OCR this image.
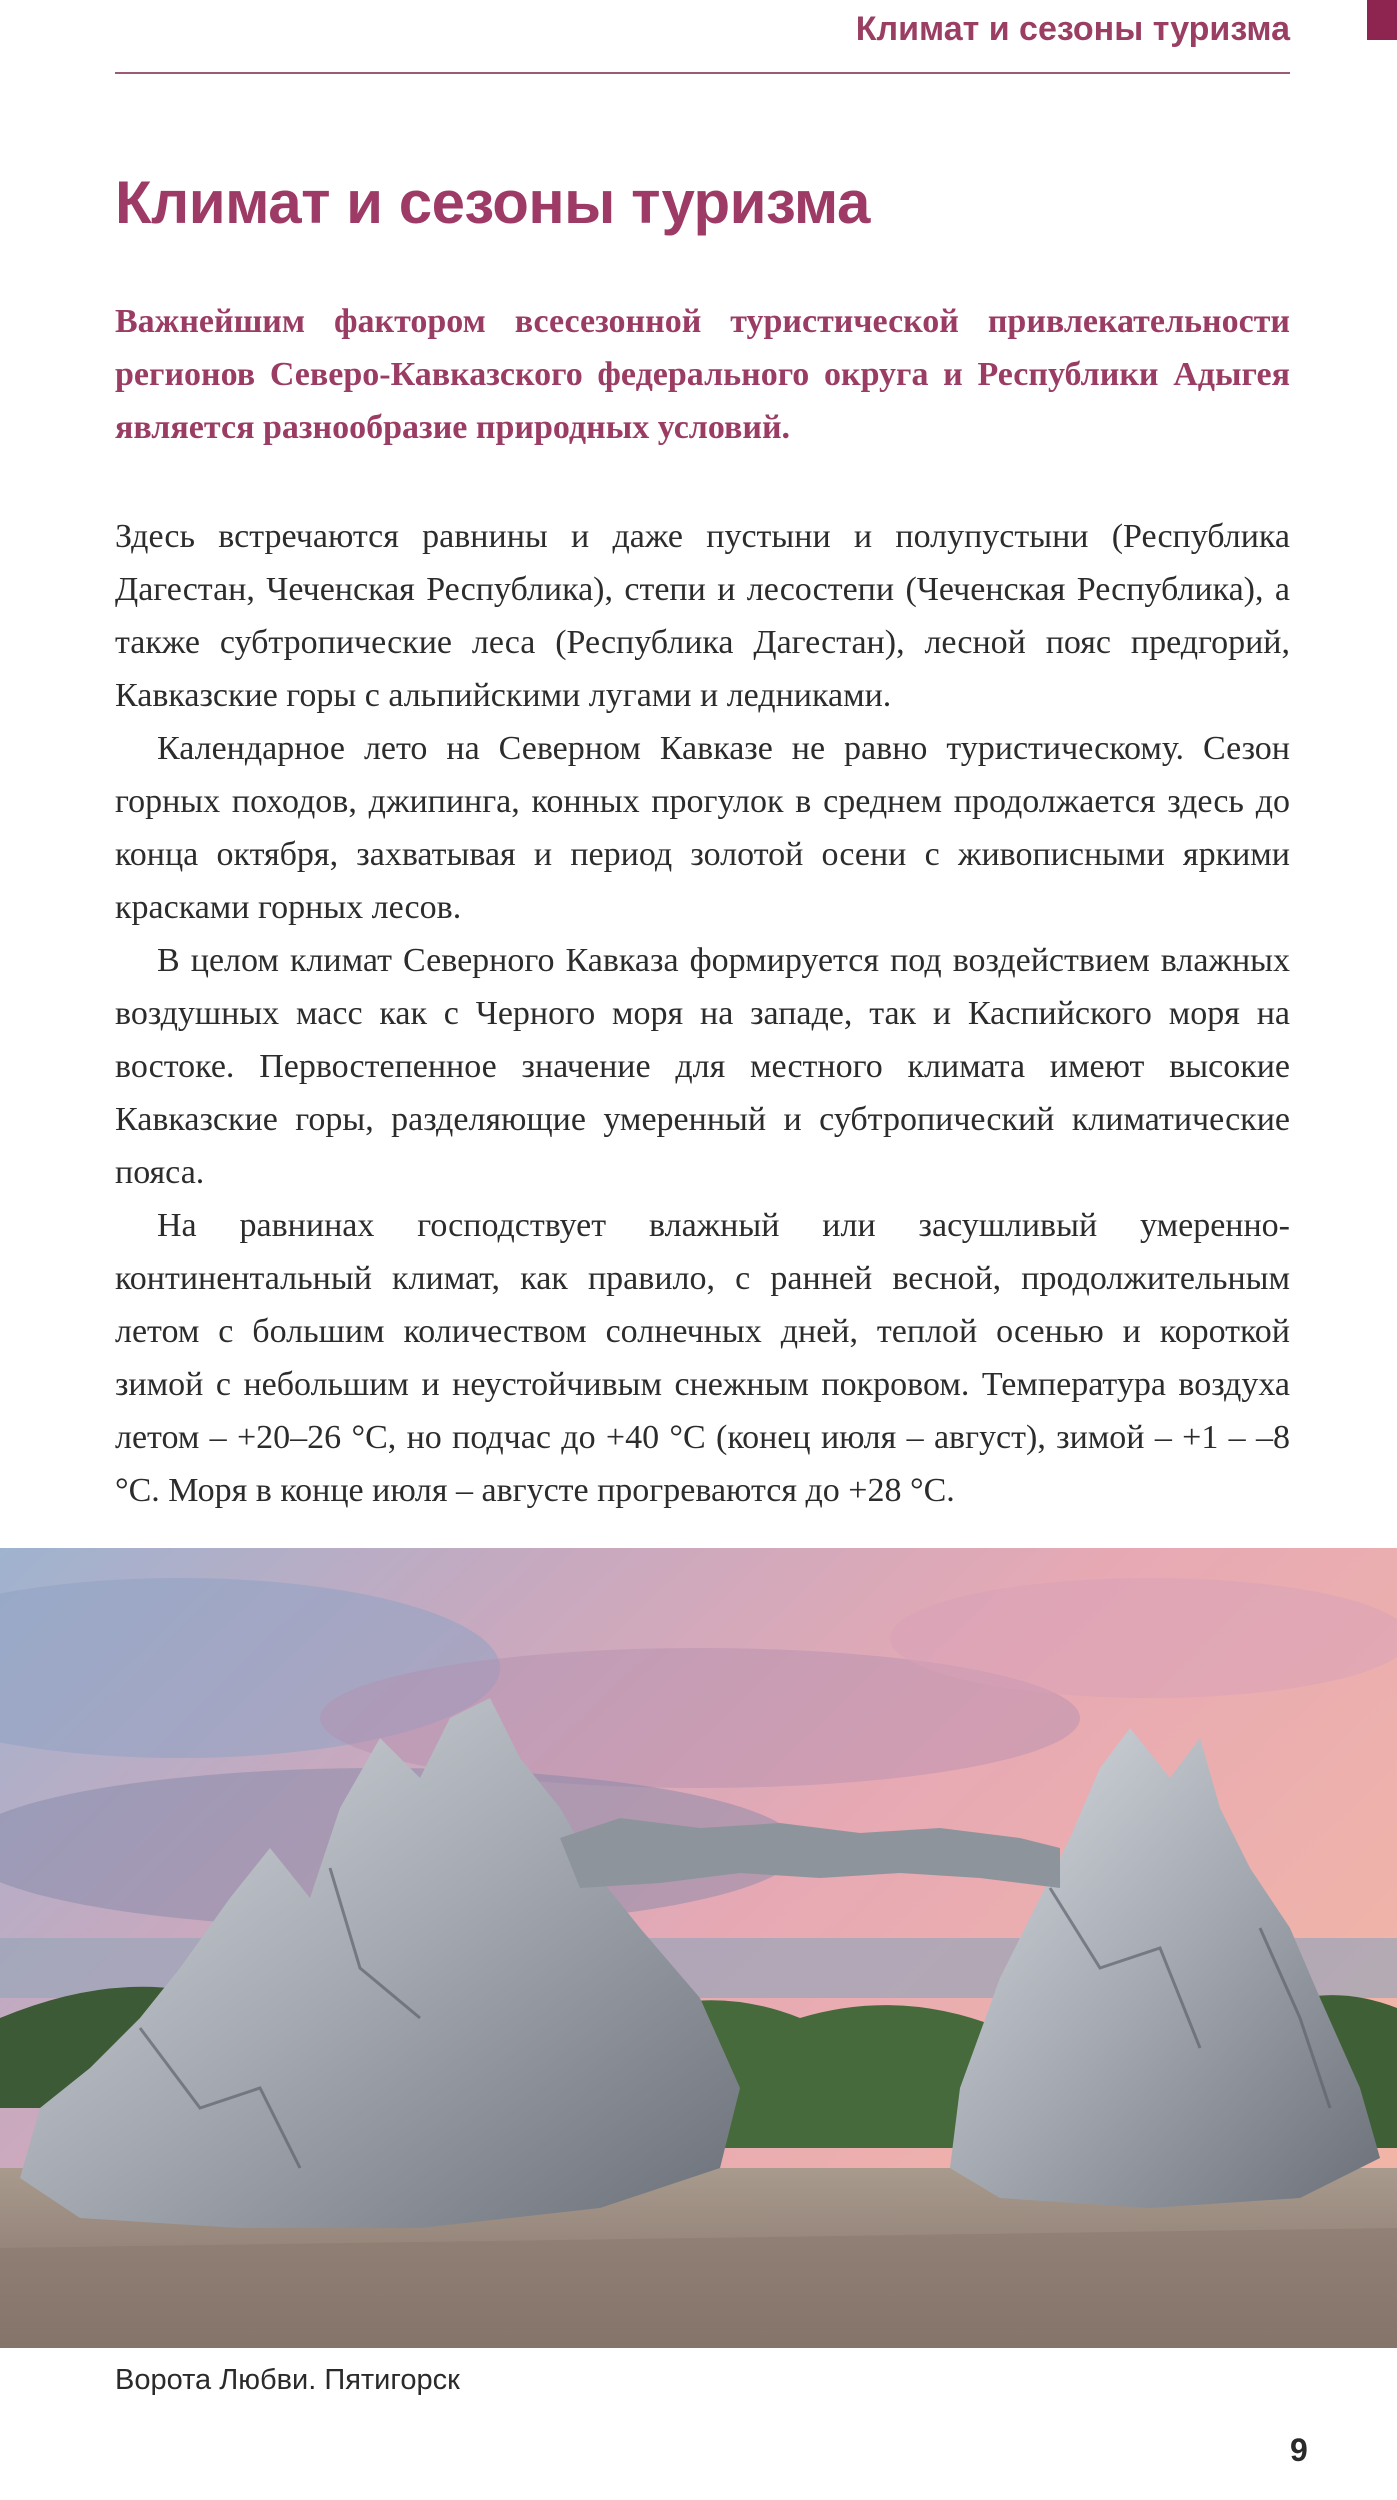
Климат и сезоны туризма
Климат и сезоны туризма

Важнейшим фактором всесезонной туристической привлекательности регионов Северо-Кавказского федерального округа и Республики Адыгея является разнообразие природных условий.

Здесь встречаются равнины и даже пустыни и полупустыни (Республика Дагестан, Чеченская Республика), степи и лесостепи (Чеченская Республика), а также субтропические леса (Республика Дагестан), лесной пояс предгорий, Кавказские горы с альпийскими лугами и ледниками.

Календарное лето на Северном Кавказе не равно туристическому. Сезон горных походов, джипинга, конных прогулок в среднем продолжается здесь до конца октября, захватывая и период золотой осени с живописными яркими красками горных лесов.

В целом климат Северного Кавказа формируется под воздействием влажных воздушных масс как с Черного моря на западе, так и Каспийского моря на востоке. Первостепенное значение для местного климата имеют высокие Кавказские горы, разделяющие умеренный и субтропический климатические пояса.

На равнинах господствует влажный или засушливый умеренно-континентальный климат, как правило, с ранней весной, продолжительным летом с большим количеством солнечных дней, теплой осенью и короткой зимой с небольшим и неустойчивым снежным покровом. Температура воздуха летом – +20–26 °С, но подчас до +40 °С (конец июля – август), зимой – +1 – –8 °С. Моря в конце июля – августе прогреваются до +28 °С.

Ворота Любви. Пятигорск
9
